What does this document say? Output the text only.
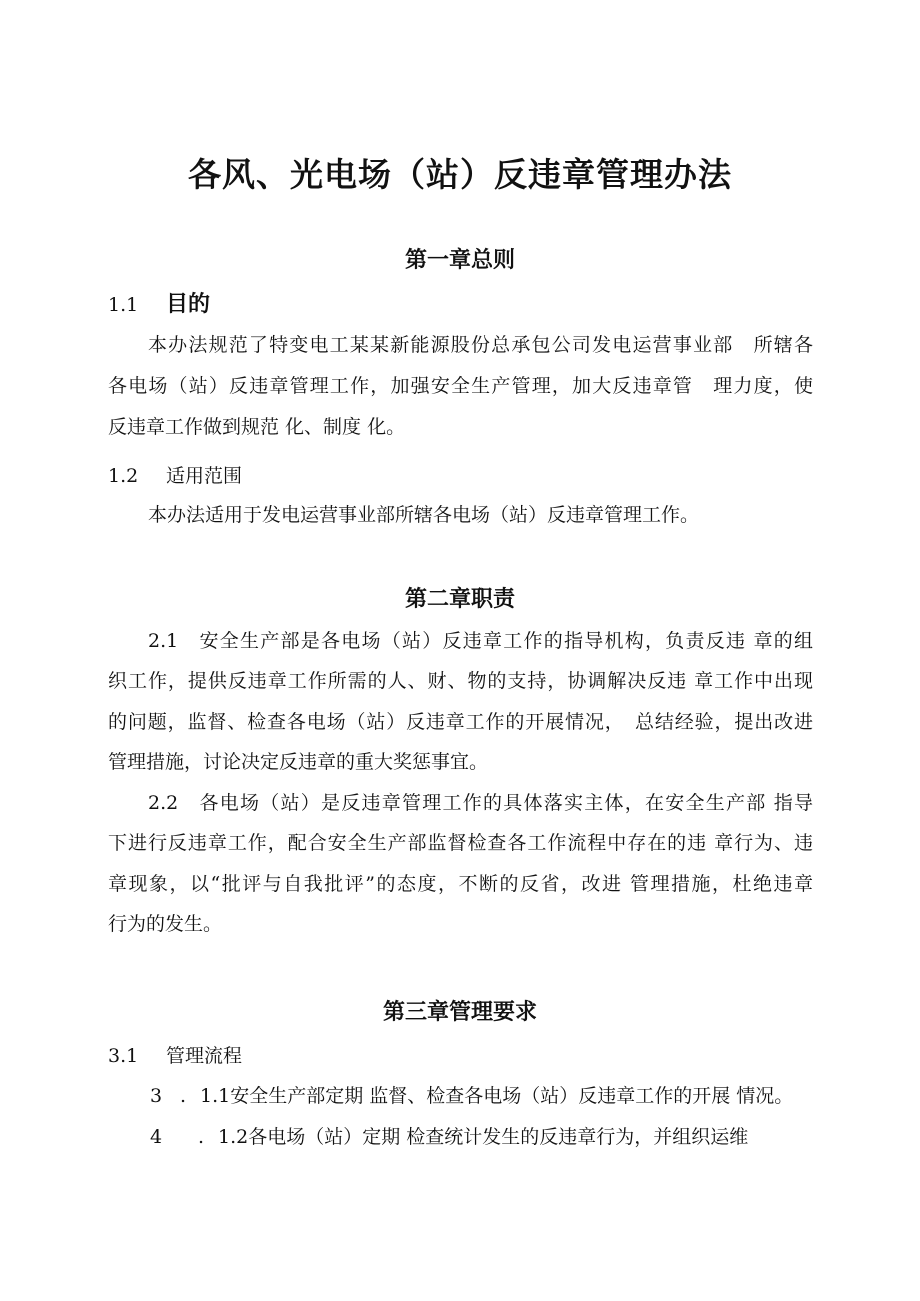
各风、光电场（站）反违章管理办法
第一章总则
1.1 目的
本办法规范了特变电工某某新能源股份总承包公司发电运营事业部　所辖各
各电场（站）反违章管理工作，加强安全生产管理，加大反违章管　理力度，使
反违章工作做到规范 化、制度 化。
1.2 适用范围
本办法适用于发电运营事业部所辖各电场（站）反违章管理工作。
第二章职责
2.1 安全生产部是各电场（站）反违章工作的指导机构，负责反违 章的组
织工作，提供反违章工作所需的人、财、物的支持，协调解决反违 章工作中出现
的问题，监督、检查各电场（站）反违章工作的开展情况，　总结经验，提出改进
管理措施，讨论决定反违章的重大奖惩事宜。
2.2 各电场（站）是反违章管理工作的具体落实主体，在安全生产部 指导
下进行反违章工作，配合安全生产部监督检查各工作流程中存在的违 章行为、违
章现象，以“批评与自我批评”的态度，不断的反省，改进 管理措施，杜绝违章
行为的发生。
第三章管理要求
3.1 管理流程
3 . 1.1安全生产部定期 监督、检查各电场（站）反违章工作的开展 情况。
4 . 1.2各电场（站）定期 检查统计发生的反违章行为，并组织运维
